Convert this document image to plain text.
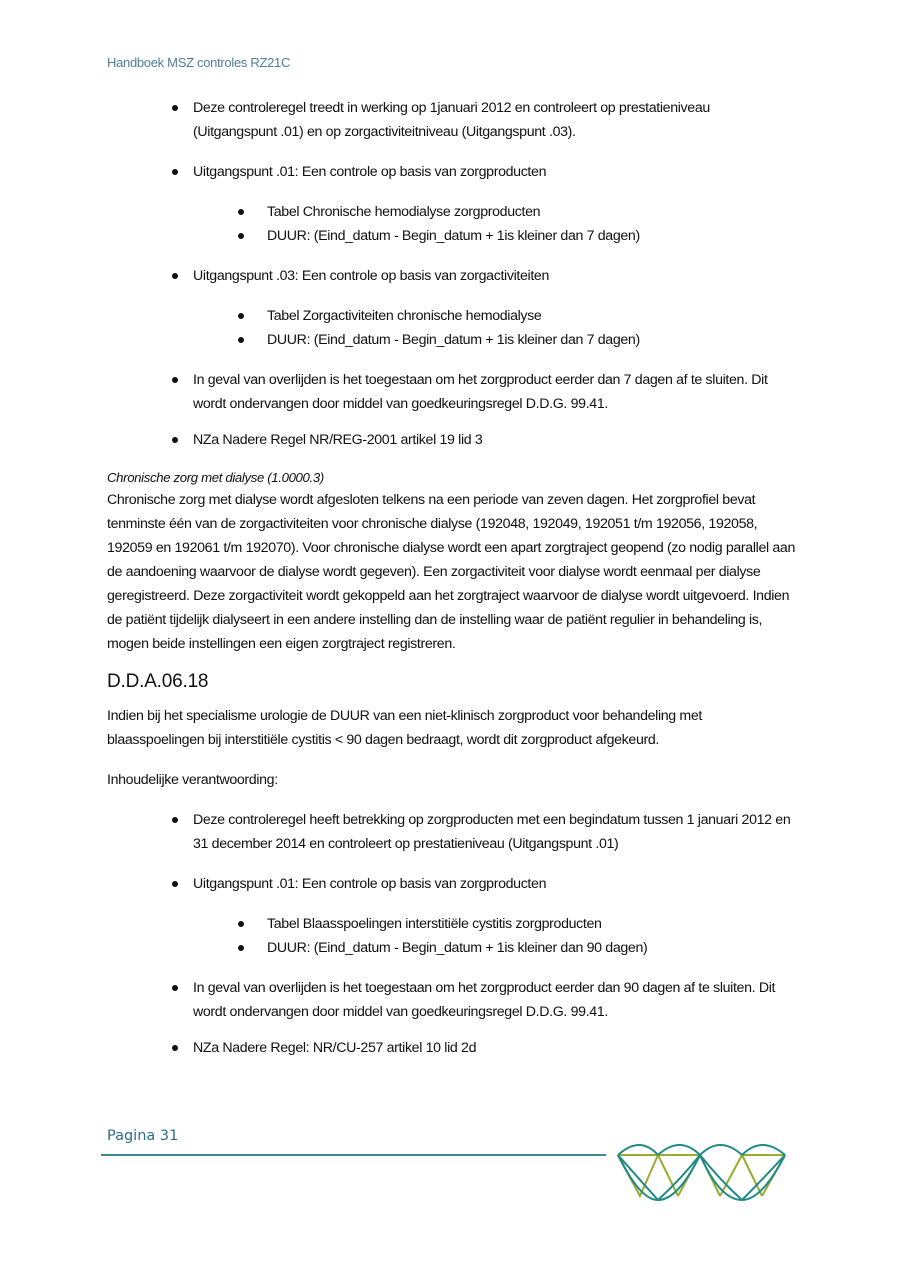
Handboek MSZ controles RZ21C
Deze controleregel treedt in werking op 1januari 2012 en controleert op prestatieniveau (Uitgangspunt .01) en op zorgactiviteitniveau (Uitgangspunt .03).
Uitgangspunt .01: Een controle op basis van zorgproducten
Tabel Chronische hemodialyse zorgproducten
DUUR: (Eind_datum - Begin_datum + 1is kleiner dan 7 dagen)
Uitgangspunt .03: Een controle op basis van zorgactiviteiten
Tabel Zorgactiviteiten chronische hemodialyse
DUUR: (Eind_datum - Begin_datum + 1is kleiner dan 7 dagen)
In geval van overlijden is het toegestaan om het zorgproduct eerder dan 7 dagen af te sluiten. Dit wordt ondervangen door middel van goedkeuringsregel D.D.G. 99.41.
NZa Nadere Regel NR/REG-2001 artikel 19 lid 3
Chronische zorg met dialyse (1.0000.3)
Chronische zorg met dialyse wordt afgesloten telkens na een periode van zeven dagen. Het zorgprofiel bevat tenminste één van de zorgactiviteiten voor chronische dialyse (192048, 192049, 192051 t/m 192056, 192058, 192059 en 192061 t/m 192070). Voor chronische dialyse wordt een apart zorgtraject geopend (zo nodig parallel aan de aandoening waarvoor de dialyse wordt gegeven). Een zorgactiviteit voor dialyse wordt eenmaal per dialyse geregistreerd. Deze zorgactiviteit wordt gekoppeld aan het zorgtraject waarvoor de dialyse wordt uitgevoerd. Indien de patiënt tijdelijk dialyseert in een andere instelling dan de instelling waar de patiënt regulier in behandeling is, mogen beide instellingen een eigen zorgtraject registreren.
D.D.A.06.18
Indien bij het specialisme urologie de DUUR van een niet-klinisch zorgproduct voor behandeling met blaasspoelingen bij interstitiële cystitis < 90 dagen bedraagt, wordt dit zorgproduct afgekeurd.
Inhoudelijke verantwoording:
Deze controleregel heeft betrekking op zorgproducten met een begindatum tussen 1 januari 2012 en 31 december 2014 en controleert op prestatieniveau (Uitgangspunt .01)
Uitgangspunt .01: Een controle op basis van zorgproducten
Tabel Blaasspoelingen interstitiële cystitis zorgproducten
DUUR: (Eind_datum - Begin_datum + 1is kleiner dan 90 dagen)
In geval van overlijden is het toegestaan om het zorgproduct eerder dan 90 dagen af te sluiten. Dit wordt ondervangen door middel van goedkeuringsregel D.D.G. 99.41.
NZa Nadere Regel: NR/CU-257 artikel 10 lid 2d
Pagina 31
